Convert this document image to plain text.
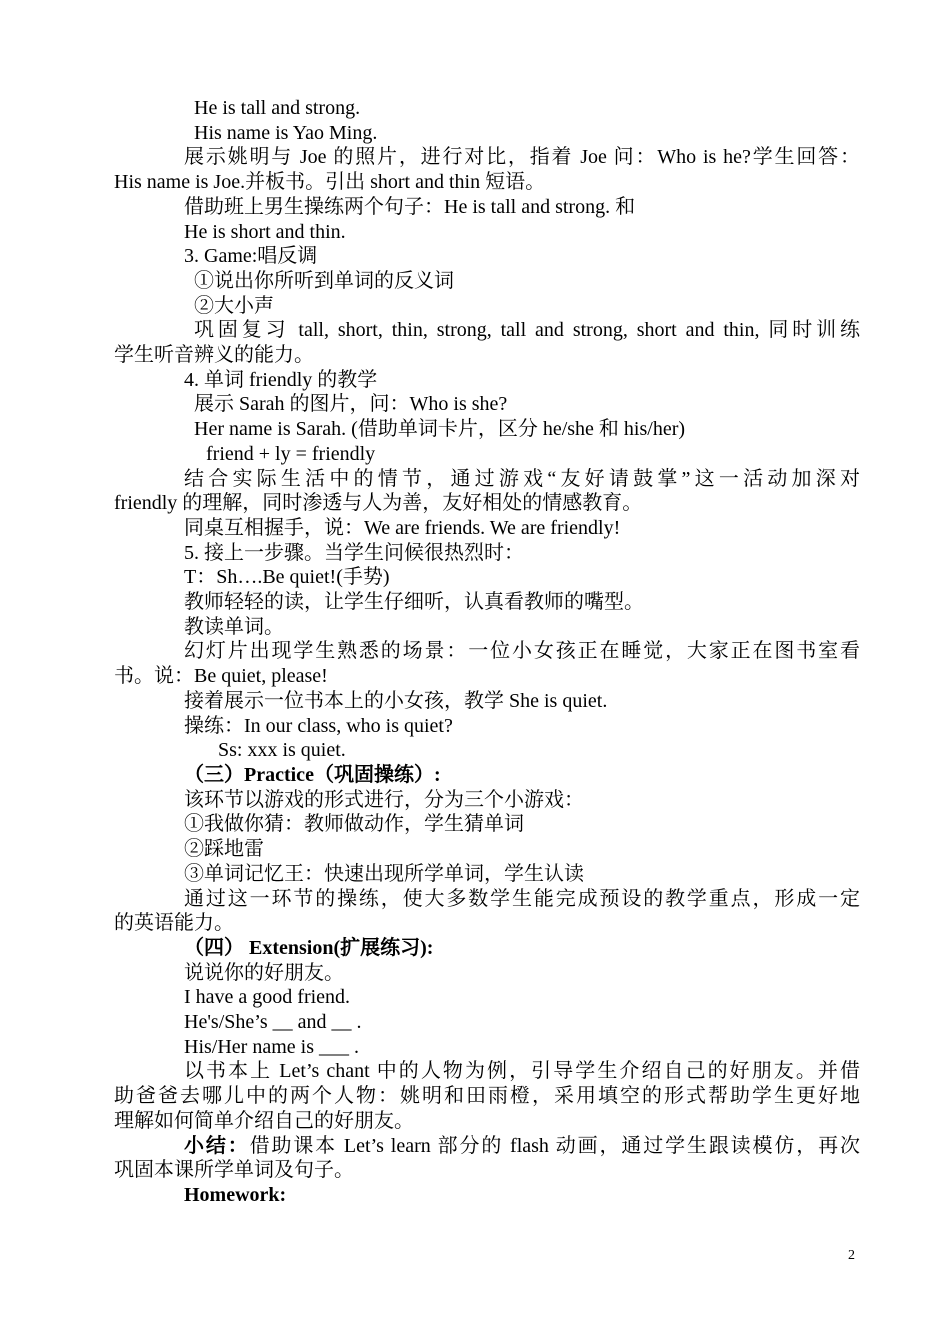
He is tall and strong.

His name is Yao Ming.

展示姚明与 Joe 的照片，进行对比，指着 Joe 问：Who is he?学生回答：

His name is Joe.并板书。引出 short and thin 短语。

借助班上男生操练两个句子：He is tall and strong. 和

He is short and thin.

3. Game:唱反调

①说出你所听到单词的反义词

②大小声

巩固复习 tall, short, thin, strong, tall and strong, short and thin, 同时训练

学生听音辨义的能力。

4. 单词 friendly 的教学

展示 Sarah 的图片，问：Who is she?

Her name is Sarah. (借助单词卡片，区分 he/she 和 his/her)

friend + ly = friendly

结合实际生活中的情节，通过游戏“友好请鼓掌”这一活动加深对

friendly 的理解，同时渗透与人为善，友好相处的情感教育。

同桌互相握手，说：We are friends. We are friendly!

5. 接上一步骤。当学生问候很热烈时：

T：Sh….Be quiet!(手势)

教师轻轻的读，让学生仔细听，认真看教师的嘴型。

教读单词。

幻灯片出现学生熟悉的场景：一位小女孩正在睡觉，大家正在图书室看

书。说：Be quiet, please!

接着展示一位书本上的小女孩，教学 She is quiet.

操练：In our class, who is quiet?

Ss: xxx is quiet.

（三）Practice（巩固操练）:

该环节以游戏的形式进行，分为三个小游戏：

①我做你猜：教师做动作，学生猜单词

②踩地雷

③单词记忆王：快速出现所学单词，学生认读

通过这一环节的操练，使大多数学生能完成预设的教学重点，形成一定

的英语能力。

（四） Extension(扩展练习):

说说你的好朋友。

I have a good friend.

He's/She’s __ and __ .

His/Her name is ___ .

以书本上 Let’s chant 中的人物为例，引导学生介绍自己的好朋友。并借

助爸爸去哪儿中的两个人物：姚明和田雨橙，采用填空的形式帮助学生更好地

理解如何简单介绍自己的好朋友。

小结：借助课本 Let’s learn 部分的 flash 动画，通过学生跟读模仿，再次

巩固本课所学单词及句子。

Homework:

2
